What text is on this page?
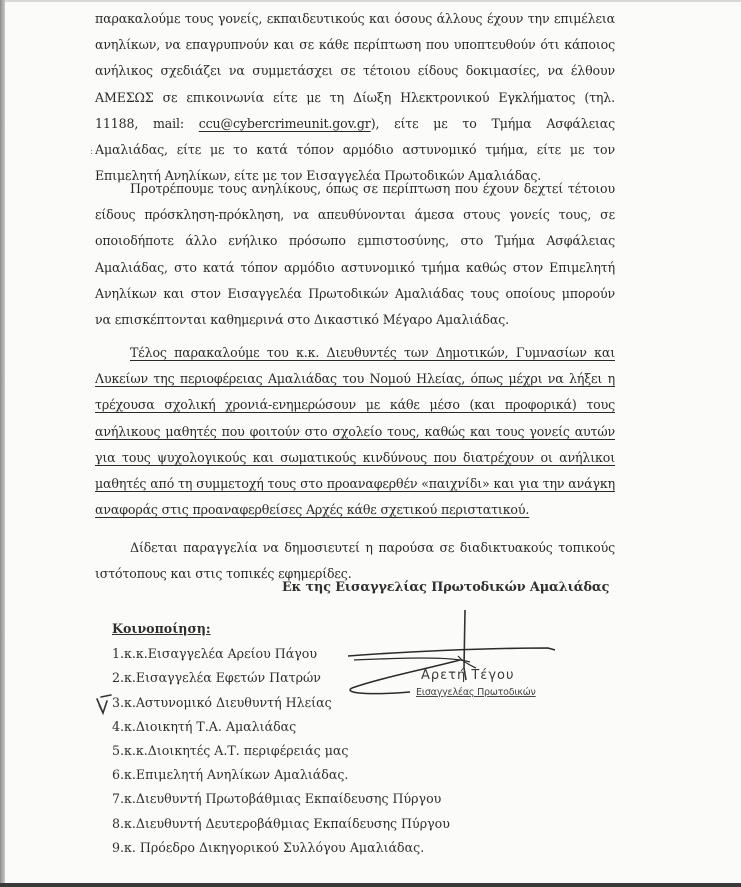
παρακαλούμε τους γονείς, εκπαιδευτικούς και όσους άλλους έχουν την επιμέλεια
ανηλίκων, να επαγρυπνούν και σε κάθε περίπτωση που υποπτευθούν ότι κάποιος
ανήλικος σχεδιάζει να συμμετάσχει σε τέτοιου είδους δοκιμασίες, να έλθουν
ΑΜΕΣΩΣ σε επικοινωνία είτε με τη Δίωξη Ηλεκτρονικού Εγκλήματος (τηλ.
11188, mail: ccu@cybercrimeunit.gov.gr), είτε με το Τμήμα Ασφάλειας
Αμαλιάδας, είτε με το κατά τόπον αρμόδιο αστυνομικό τμήμα, είτε με τον
Επιμελητή Ανηλίκων, είτε με τον Εισαγγελέα Πρωτοδικών Αμαλιάδας.
:
Προτρέπουμε τους ανηλίκους, όπως σε περίπτωση που έχουν δεχτεί τέτοιου
είδους πρόσκληση-πρόκληση, να απευθύνονται άμεσα στους γονείς τους, σε
οποιοδήποτε άλλο ενήλικο πρόσωπο εμπιστοσύνης, στο Τμήμα Ασφάλειας
Αμαλιάδας, στο κατά τόπον αρμόδιο αστυνομικό τμήμα καθώς στον Επιμελητή
Ανηλίκων και στον Εισαγγελέα Πρωτοδικών Αμαλιάδας τους οποίους μπορούν
να επισκέπτονται καθημερινά στο Δικαστικό Μέγαρο Αμαλιάδας.
Τέλος παρακαλούμε του κ.κ. Διευθυντές των Δημοτικών, Γυμνασίων και
Λυκείων της περιοφέρειας Αμαλιάδας του Νομού Ηλείας, όπως μέχρι να λήξει η
τρέχουσα σχολική χρονιά-ενημερώσουν με κάθε μέσο (και προφορικά) τους
ανήλικους μαθητές που φοιτούν στο σχολείο τους, καθώς και τους γονείς αυτών
για τους ψυχολογικούς και σωματικούς κινδύνους που διατρέχουν οι ανήλικοι
μαθητές από τη συμμετοχή τους στο προαναφερθέν «παιχνίδι» και για την ανάγκη
αναφοράς στις προαναφερθείσες Αρχές κάθε σχετικού περιστατικού.
Δίδεται παραγγελία να δημοσιευτεί η παρούσα σε διαδικτυακούς τοπικούς
ιστότοπους και στις τοπικές εφημερίδες.
Εκ της Εισαγγελίας Πρωτοδικών Αμαλιάδας
Κοινοποίηση:
1.κ.κ.Εισαγγελέα Αρείου Πάγου
2.κ.Εισαγγελέα Εφετών Πατρών
3.κ.Αστυνομικό Διευθυντή Ηλείας
4.κ.Διοικητή Τ.Α. Αμαλιάδας
5.κ.κ.Διοικητές Α.Τ. περιφέρειάς μας
6.κ.Επιμελητή Ανηλίκων Αμαλιάδας.
7.κ.Διευθυντή Πρωτοβάθμιας Εκπαίδευσης Πύργου
8.κ.Διευθυντή Δευτεροβάθμιας Εκπαίδευσης Πύργου
9.κ. Πρόεδρο Δικηγορικού Συλλόγου Αμαλιάδας.
Αρετή Τέγου
Εισαγγελέας Πρωτοδικών
